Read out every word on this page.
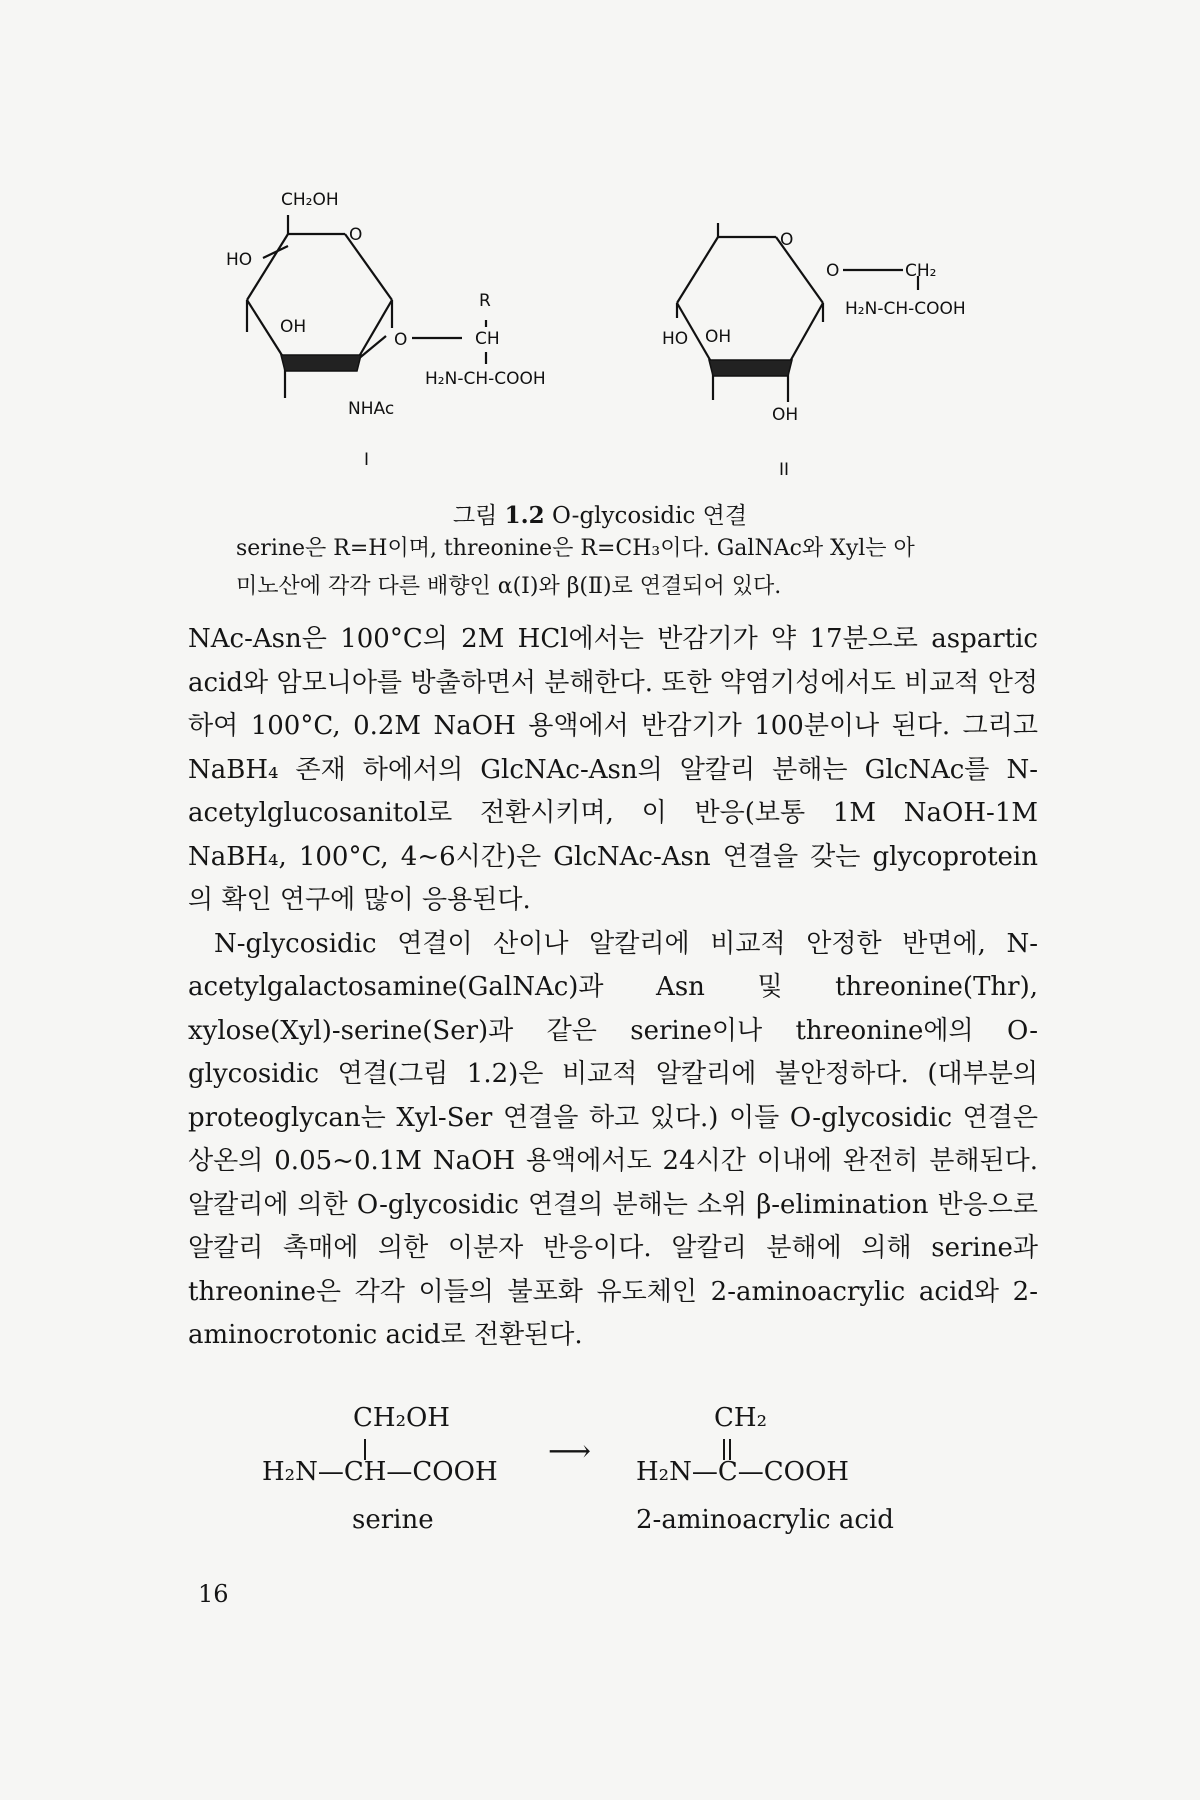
CH₂OH
HO
O
OH
O
R
CH
H₂N-CH-COOH
NHAc
I
O
O	CH₂
H₂N-CH-COOH
HO OH
OH
II
그림 1.2 O-glycosidic 연결
serine은 R=H이며, threonine은 R=CH₃이다. GalNAc와 Xyl는 아
미노산에 각각 다른 배향인 α(Ⅰ)와 β(Ⅱ)로 연결되어 있다.

NAc-Asn은 100°C의 2M HCl에서는 반감기가 약 17분으로 aspartic acid와 암모니아를 방출하면서 분해한다. 또한 약염기성에서도 비교적 안정하여 100°C, 0.2M NaOH 용액에서 반감기가 100분이나 된다. 그리고 NaBH₄ 존재 하에서의 GlcNAc-Asn의 알칼리 분해는 GlcNAc를 N-acetylglucosanitol로 전환시키며, 이 반응(보통 1M NaOH-1M NaBH₄, 100°C, 4~6시간)은 GlcNAc-Asn 연결을 갖는 glycoprotein의 확인 연구에 많이 응용된다.

N-glycosidic 연결이 산이나 알칼리에 비교적 안정한 반면에, N-acetylgalactosamine(GalNAc)과 Asn 및 threonine(Thr), xylose(Xyl)-serine(Ser)과 같은 serine이나 threonine에의 O-glycosidic 연결(그림 1.2)은 비교적 알칼리에 불안정하다. (대부분의 proteoglycan는 Xyl-Ser 연결을 하고 있다.) 이들 O-glycosidic 연결은 상온의 0.05~0.1M NaOH 용액에서도 24시간 이내에 완전히 분해된다. 알칼리에 의한 O-glycosidic 연결의 분해는 소위 β-elimination 반응으로 알칼리 촉매에 의한 이분자 반응이다. 알칼리 분해에 의해 serine과 threonine은 각각 이들의 불포화 유도체인 2-aminoacrylic acid와 2-aminocrotonic acid로 전환된다.

CH₂OH
H₂N—CH—COOH
serine
⟶
CH₂
H₂N—C—COOH
2-aminoacrylic acid
16
